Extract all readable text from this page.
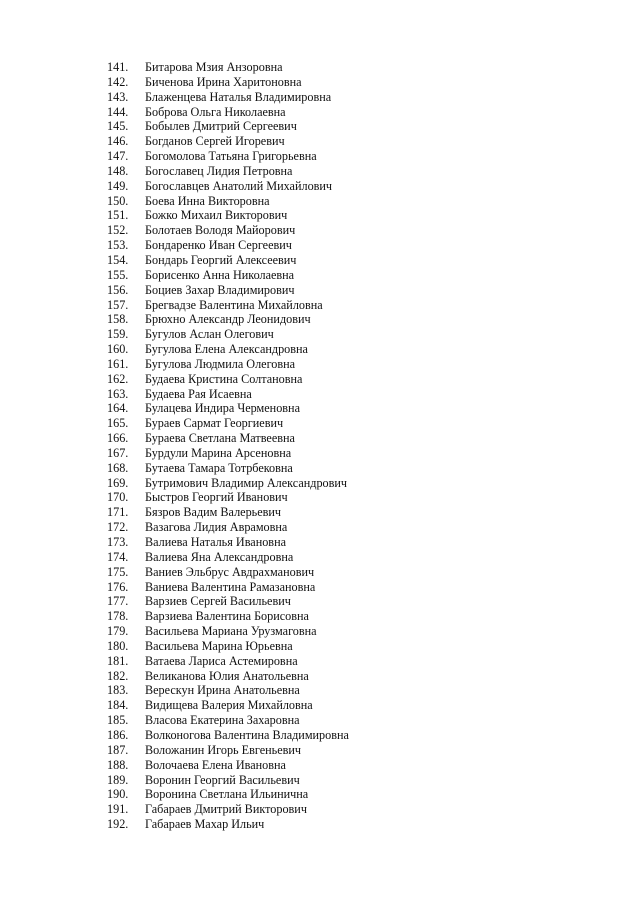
141.	Битарова Мзия Анзоровна
142.	Биченова Ирина Харитоновна
143.	Блаженцева Наталья Владимировна
144.	Боброва Ольга Николаевна
145.	Бобылев Дмитрий Сергеевич
146.	Богданов Сергей Игоревич
147.	Богомолова Татьяна Григорьевна
148.	Богославец Лидия Петровна
149.	Богославцев Анатолий Михайлович
150.	Боева Инна Викторовна
151.	Божко Михаил Викторович
152.	Болотаев Володя Майорович
153.	Бондаренко Иван Сергеевич
154.	Бондарь Георгий Алексеевич
155.	Борисенко Анна Николаевна
156.	Боциев Захар Владимирович
157.	Брегвадзе Валентина Михайловна
158.	Брюхно Александр Леонидович
159.	Бугулов Аслан Олегович
160.	Бугулова Елена Александровна
161.	Бугулова Людмила Олеговна
162.	Будаева Кристина Солтановна
163.	Будаева Рая Исаевна
164.	Булацева Индира Черменовна
165.	Бураев Сармат Георгиевич
166.	Бураева Светлана Матвеевна
167.	Бурдули Марина Арсеновна
168.	Бутаева Тамара Тотрбековна
169.	Бутримович Владимир Александрович
170.	Быстров Георгий Иванович
171.	Бязров Вадим Валерьевич
172.	Вазагова Лидия Аврамовна
173.	Валиева Наталья Ивановна
174.	Валиева Яна Александровна
175.	Ваниев Эльбрус Авдрахманович
176.	Ваниева Валентина Рамазановна
177.	Варзиев Сергей Васильевич
178.	Варзиева Валентина Борисовна
179.	Васильева Мариана Урузмаговна
180.	Васильева Марина Юрьевна
181.	Ватаева Лариса Астемировна
182.	Великанова Юлия Анатольевна
183.	Верескун Ирина Анатольевна
184.	Видищева Валерия Михайловна
185.	Власова Екатерина Захаровна
186.	Волконогова Валентина Владимировна
187.	Воложанин Игорь Евгеньевич
188.	Волочаева Елена Ивановна
189.	Воронин Георгий Васильевич
190.	Воронина Светлана Ильинична
191.	Габараев Дмитрий Викторович
192.	Габараев Махар Ильич
